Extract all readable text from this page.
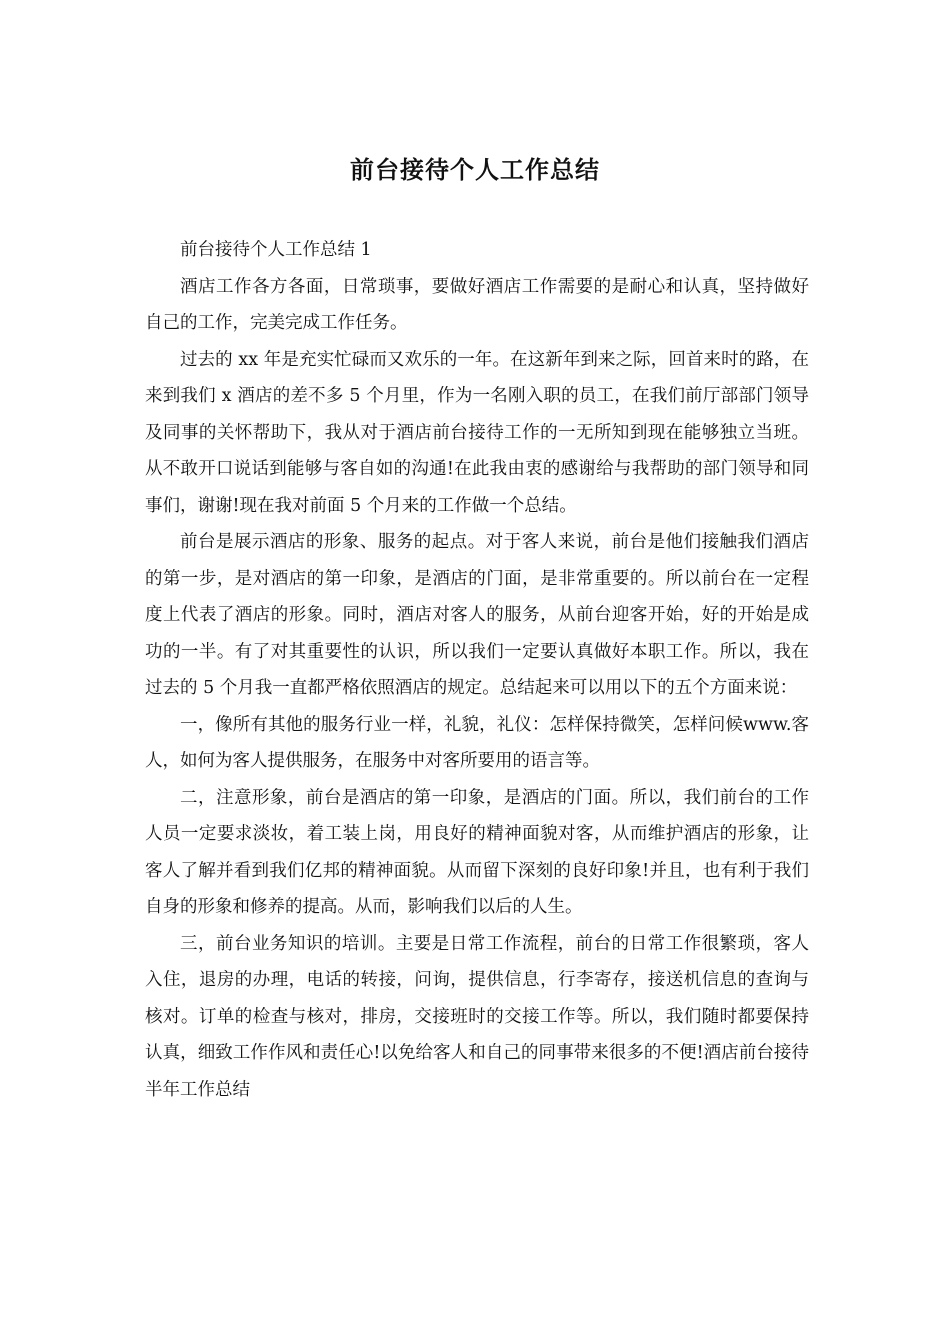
前台接待个人工作总结

前台接待个人工作总结 1

酒店工作各方各面，日常琐事，要做好酒店工作需要的是耐心和认真，坚持做好自己的工作，完美完成工作任务。

过去的 xx 年是充实忙碌而又欢乐的一年。在这新年到来之际，回首来时的路，在来到我们 x 酒店的差不多 5 个月里，作为一名刚入职的员工，在我们前厅部部门领导及同事的关怀帮助下，我从对于酒店前台接待工作的一无所知到现在能够独立当班。从不敢开口说话到能够与客自如的沟通!在此我由衷的感谢给与我帮助的部门领导和同事们，谢谢!现在我对前面 5 个月来的工作做一个总结。

前台是展示酒店的形象、服务的起点。对于客人来说，前台是他们接触我们酒店的第一步，是对酒店的第一印象，是酒店的门面，是非常重要的。所以前台在一定程度上代表了酒店的形象。同时，酒店对客人的服务，从前台迎客开始，好的开始是成功的一半。有了对其重要性的认识，所以我们一定要认真做好本职工作。所以，我在过去的 5 个月我一直都严格依照酒店的规定。总结起来可以用以下的五个方面来说：

一，像所有其他的服务行业一样，礼貌，礼仪：怎样保持微笑，怎样问候www.客人，如何为客人提供服务，在服务中对客所要用的语言等。

二，注意形象，前台是酒店的第一印象，是酒店的门面。所以，我们前台的工作人员一定要求淡妆，着工装上岗，用良好的精神面貌对客，从而维护酒店的形象，让客人了解并看到我们亿邦的精神面貌。从而留下深刻的良好印象!并且，也有利于我们自身的形象和修养的提高。从而，影响我们以后的人生。

三，前台业务知识的培训。主要是日常工作流程，前台的日常工作很繁琐，客人入住，退房的办理，电话的转接，问询，提供信息，行李寄存，接送机信息的查询与核对。订单的检查与核对，排房，交接班时的交接工作等。所以，我们随时都要保持认真，细致工作作风和责任心!以免给客人和自己的同事带来很多的不便!酒店前台接待半年工作总结
